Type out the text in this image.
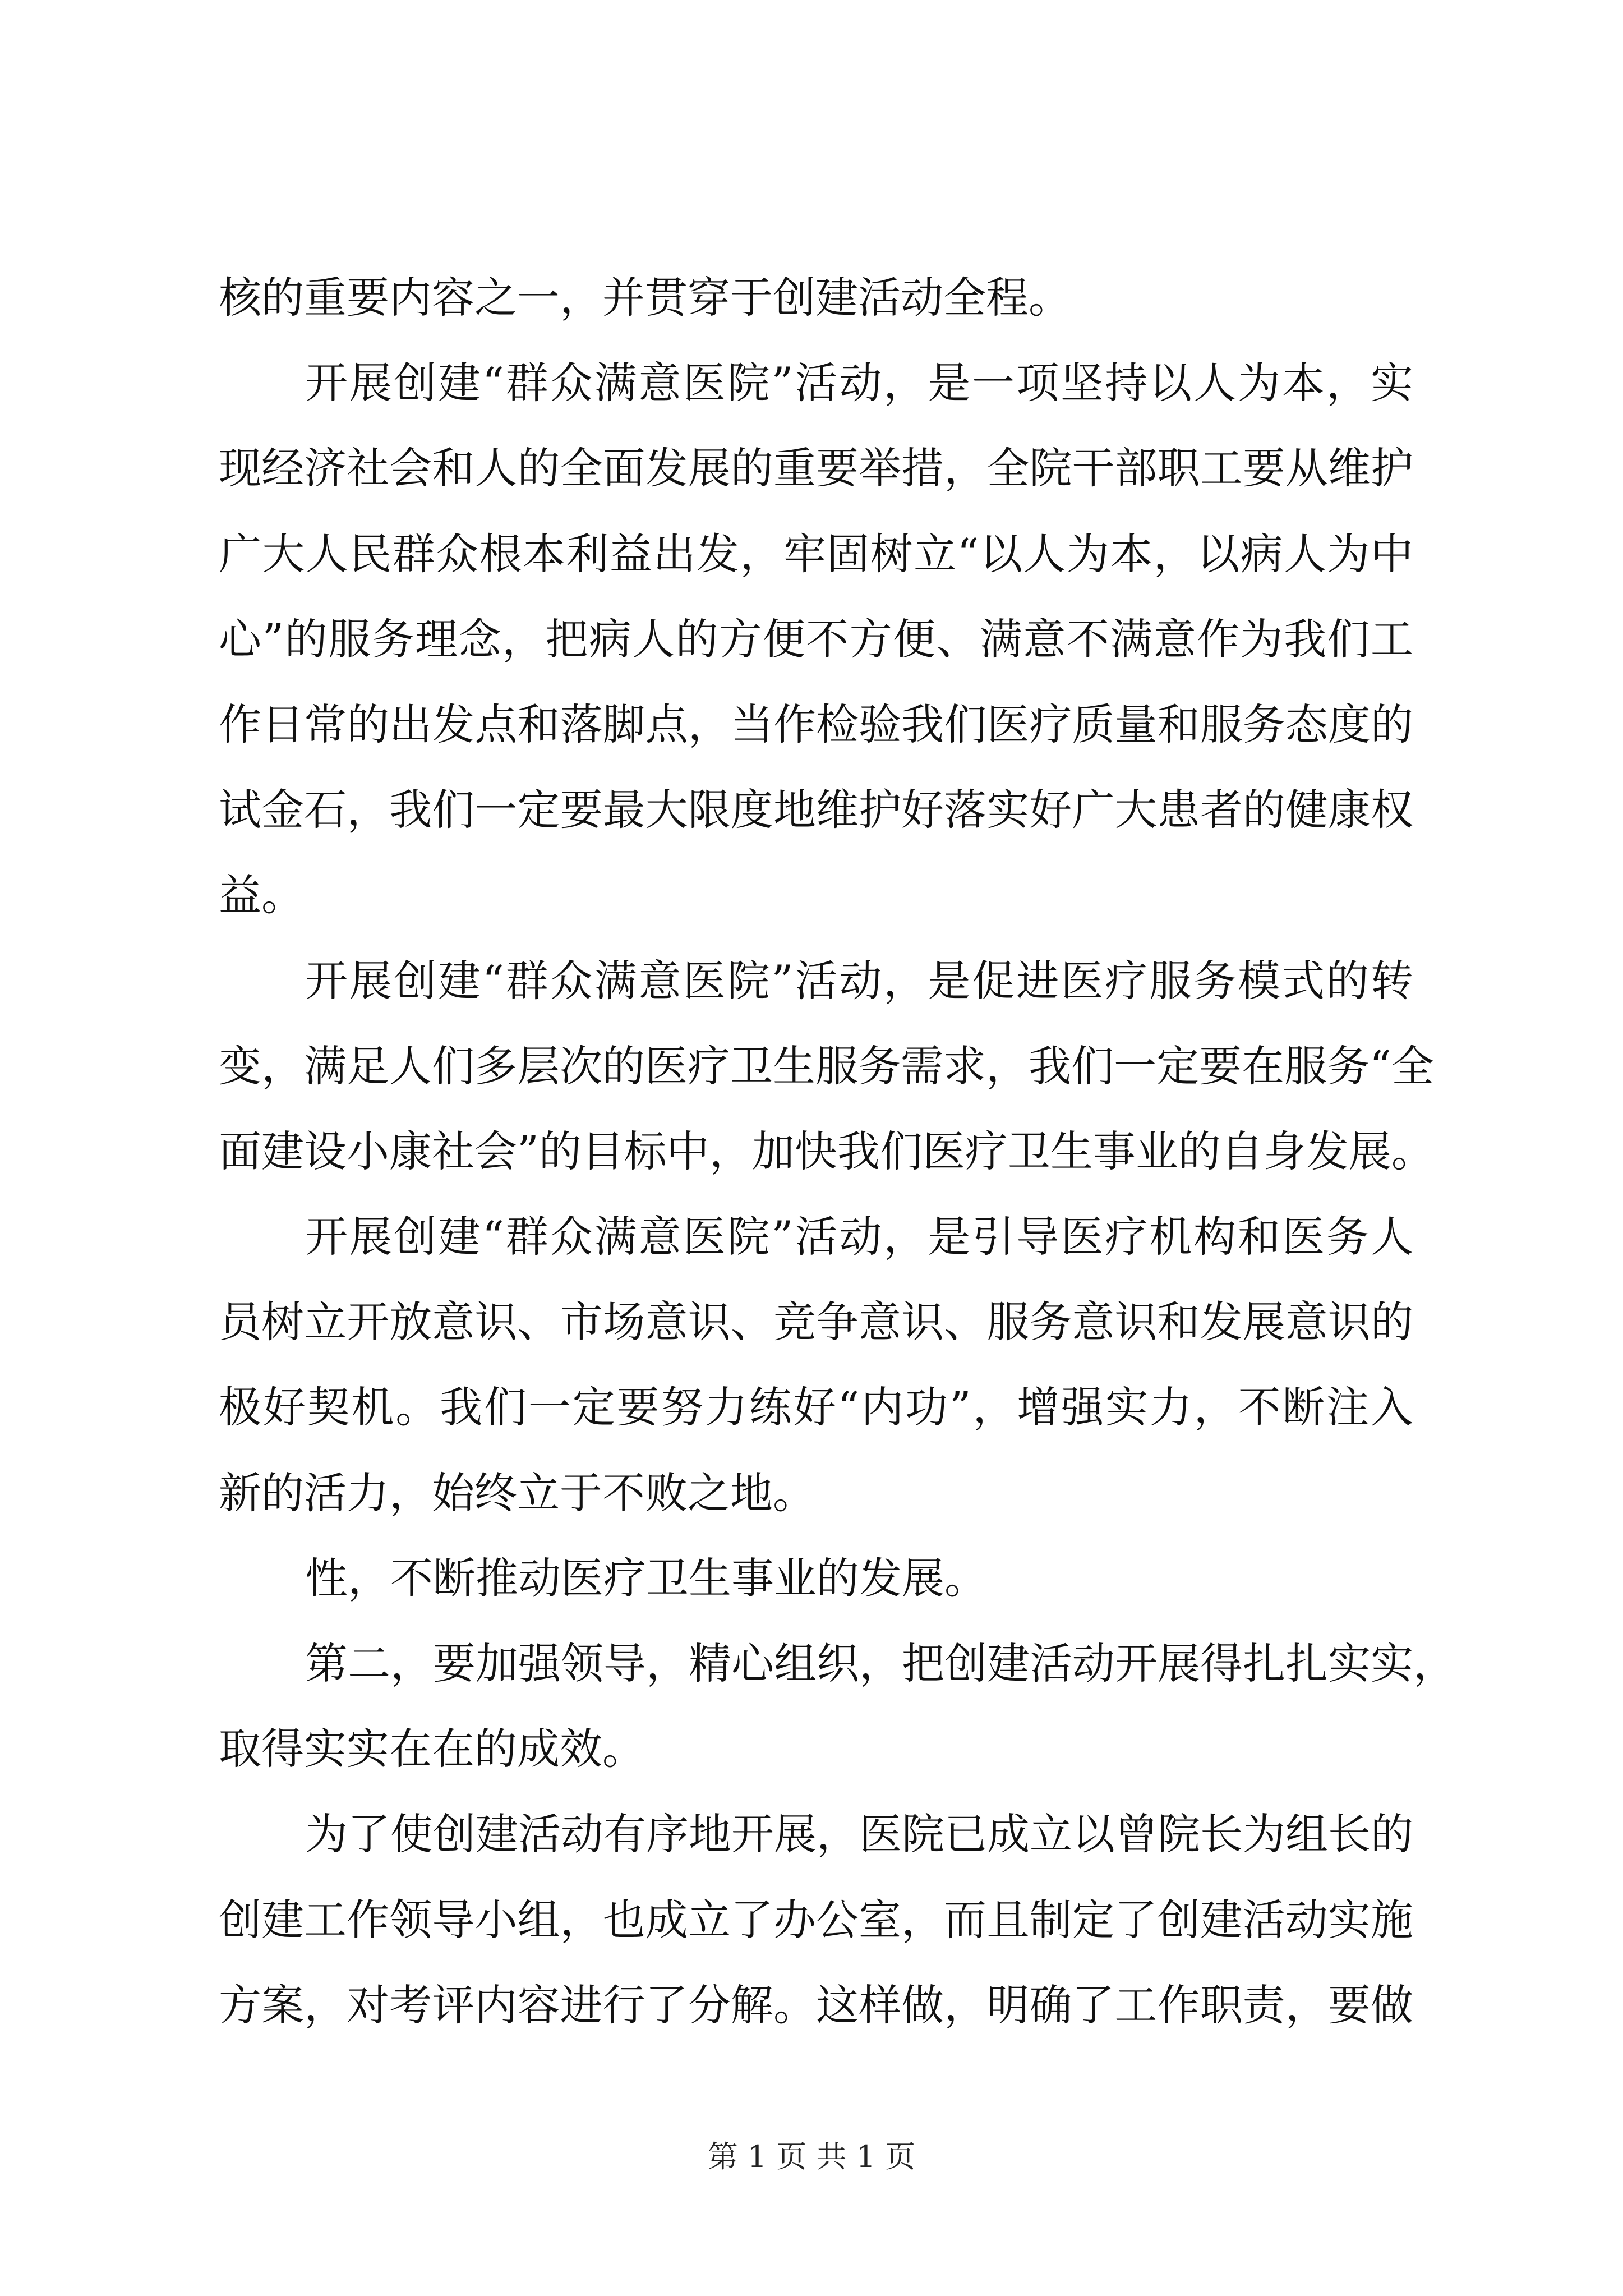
核的重要内容之一，并贯穿于创建活动全程。
开展创建“群众满意医院”活动，是一项坚持以人为本，实
现经济社会和人的全面发展的重要举措，全院干部职工要从维护
广大人民群众根本利益出发，牢固树立“以人为本，以病人为中
心”的服务理念，把病人的方便不方便、满意不满意作为我们工
作日常的出发点和落脚点，当作检验我们医疗质量和服务态度的
试金石，我们一定要最大限度地维护好落实好广大患者的健康权
益。
开展创建“群众满意医院”活动，是促进医疗服务模式的转
变，满足人们多层次的医疗卫生服务需求，我们一定要在服务“全
面建设小康社会”的目标中，加快我们医疗卫生事业的自身发展。
开展创建“群众满意医院”活动，是引导医疗机构和医务人
员树立开放意识、市场意识、竞争意识、服务意识和发展意识的
极好契机。我们一定要努力练好“内功”，增强实力，不断注入
新的活力，始终立于不败之地。
性，不断推动医疗卫生事业的发展。
第二，要加强领导，精心组织，把创建活动开展得扎扎实实，
取得实实在在的成效。
为了使创建活动有序地开展，医院已成立以曾院长为组长的
创建工作领导小组，也成立了办公室，而且制定了创建活动实施
方案，对考评内容进行了分解。这样做，明确了工作职责，要做
第 1 页 共 1 页
